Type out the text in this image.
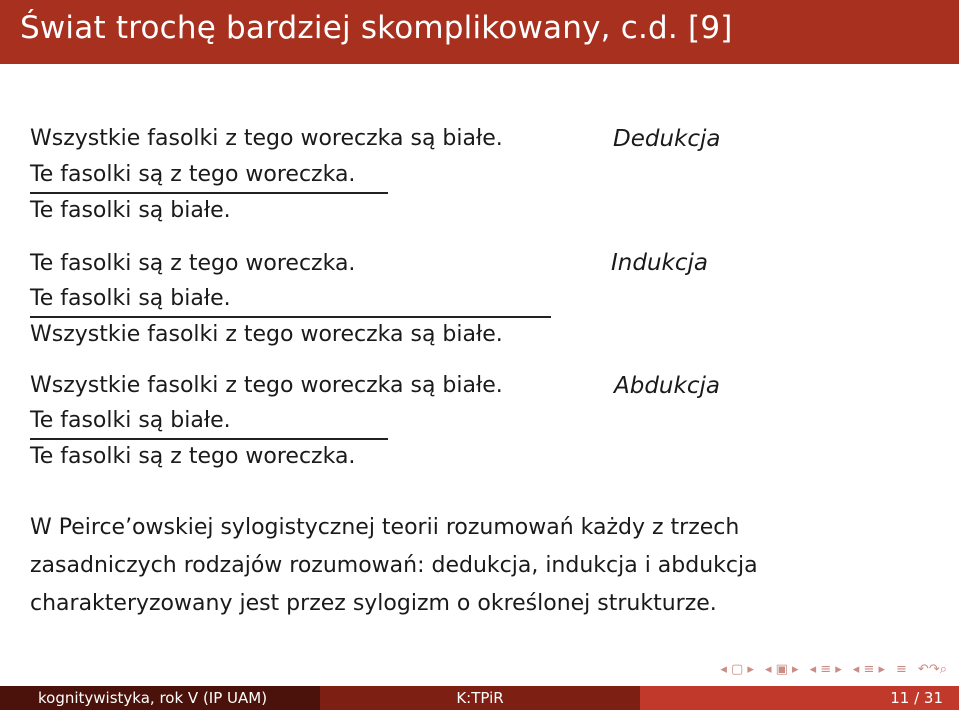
Świat trochę bardziej skomplikowany, c.d. [9]
Wszystkie fasolki z tego woreczka są białe.
Te fasolki są z tego woreczka.
Te fasolki są białe.
Dedukcja
Te fasolki są z tego woreczka.
Te fasolki są białe.
Wszystkie fasolki z tego woreczka są białe.
Indukcja
Wszystkie fasolki z tego woreczka są białe.
Te fasolki są białe.
Te fasolki są z tego woreczka.
Abdukcja
W Peirce’owskiej sylogistycznej teorii rozumowań każdy z trzech
zasadniczych rodzajów rozumowań: dedukcja, indukcja i abdukcja
charakteryzowany jest przez sylogizm o określonej strukturze.
◂ ▢ ▸ ◂ ▣ ▸ ◂ ≡ ▸ ◂ ≡ ▸ ≡ ↶↷⌕
kognitywistyka, rok V (IP UAM)	K:TPiR	11 / 31
